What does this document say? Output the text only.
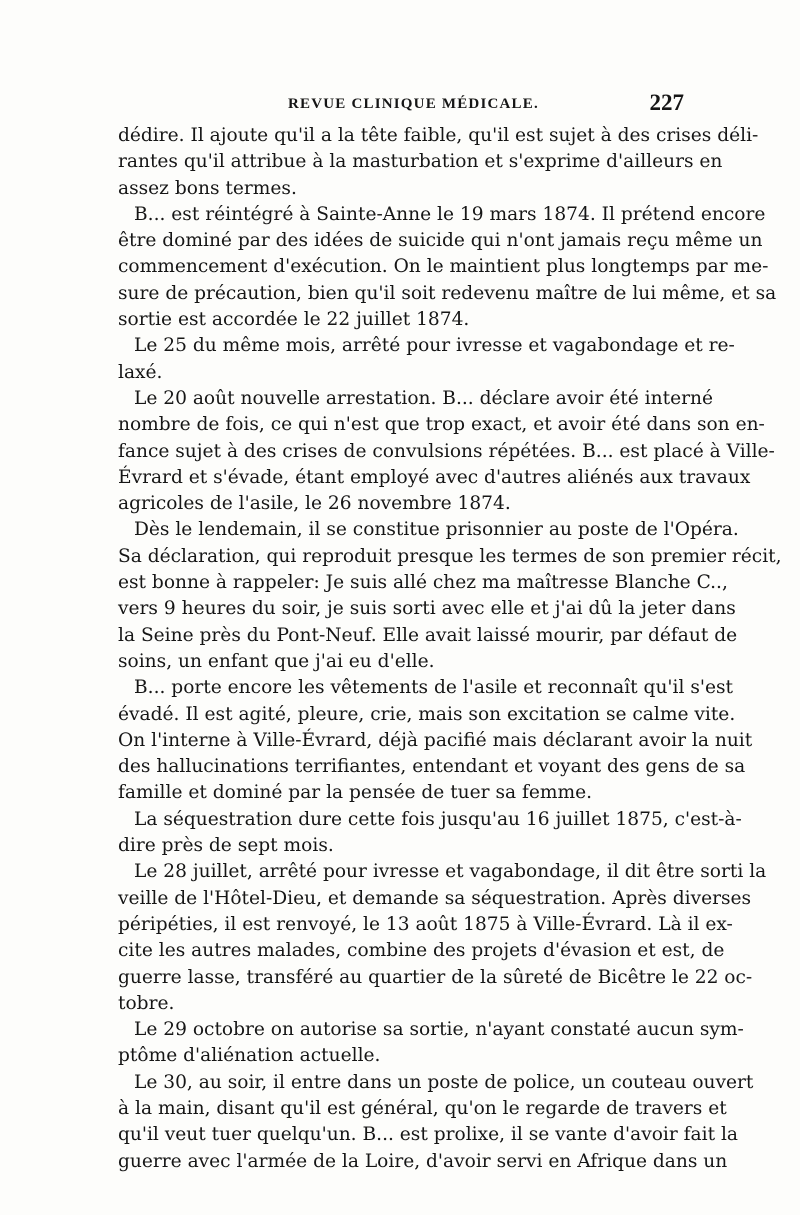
REVUE CLINIQUE MÉDICALE.	227
dédire. Il ajoute qu'il a la tête faible, qu'il est sujet à des crises déli-
rantes qu'il attribue à la masturbation et s'exprime d'ailleurs en
assez bons termes.
B... est réintégré à Sainte-Anne le 19 mars 1874. Il prétend encore
être dominé par des idées de suicide qui n'ont jamais reçu même un
commencement d'exécution. On le maintient plus longtemps par me-
sure de précaution, bien qu'il soit redevenu maître de lui même, et sa
sortie est accordée le 22 juillet 1874.
Le 25 du même mois, arrêté pour ivresse et vagabondage et re-
laxé.
Le 20 août nouvelle arrestation. B... déclare avoir été interné
nombre de fois, ce qui n'est que trop exact, et avoir été dans son en-
fance sujet à des crises de convulsions répétées. B... est placé à Ville-
Évrard et s'évade, étant employé avec d'autres aliénés aux travaux
agricoles de l'asile, le 26 novembre 1874.
Dès le lendemain, il se constitue prisonnier au poste de l'Opéra.
Sa déclaration, qui reproduit presque les termes de son premier récit,
est bonne à rappeler: Je suis allé chez ma maîtresse Blanche C..,
vers 9 heures du soir, je suis sorti avec elle et j'ai dû la jeter dans
la Seine près du Pont-Neuf. Elle avait laissé mourir, par défaut de
soins, un enfant que j'ai eu d'elle.
B... porte encore les vêtements de l'asile et reconnaît qu'il s'est
évadé. Il est agité, pleure, crie, mais son excitation se calme vite.
On l'interne à Ville-Évrard, déjà pacifié mais déclarant avoir la nuit
des hallucinations terrifiantes, entendant et voyant des gens de sa
famille et dominé par la pensée de tuer sa femme.
La séquestration dure cette fois jusqu'au 16 juillet 1875, c'est-à-
dire près de sept mois.
Le 28 juillet, arrêté pour ivresse et vagabondage, il dit être sorti la
veille de l'Hôtel-Dieu, et demande sa séquestration. Après diverses
péripéties, il est renvoyé, le 13 août 1875 à Ville-Évrard. Là il ex-
cite les autres malades, combine des projets d'évasion et est, de
guerre lasse, transféré au quartier de la sûreté de Bicêtre le 22 oc-
tobre.
Le 29 octobre on autorise sa sortie, n'ayant constaté aucun sym-
ptôme d'aliénation actuelle.
Le 30, au soir, il entre dans un poste de police, un couteau ouvert
à la main, disant qu'il est général, qu'on le regarde de travers et
qu'il veut tuer quelqu'un. B... est prolixe, il se vante d'avoir fait la
guerre avec l'armée de la Loire, d'avoir servi en Afrique dans un
